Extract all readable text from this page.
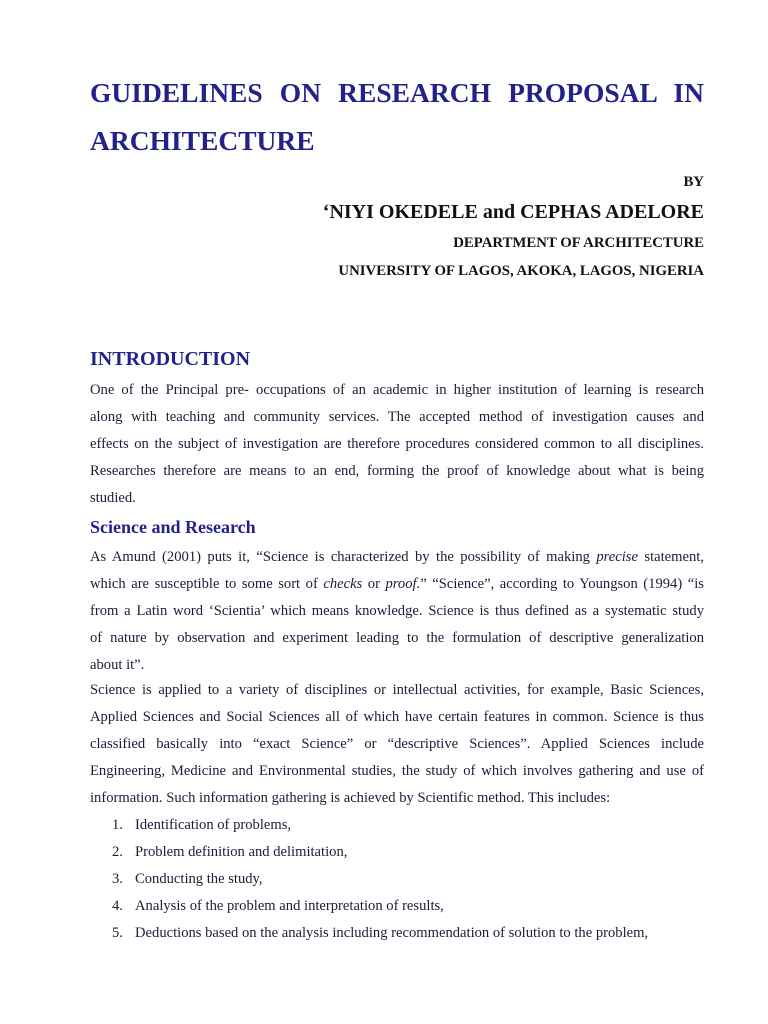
GUIDELINES ON RESEARCH PROPOSAL IN ARCHITECTURE
BY
‘NIYI OKEDELE and CEPHAS ADELORE
DEPARTMENT OF ARCHITECTURE
UNIVERSITY OF LAGOS, AKOKA, LAGOS, NIGERIA
INTRODUCTION
One of the Principal pre- occupations of an academic in higher institution of learning is research
along with teaching and community services. The accepted method of investigation causes and
effects on the subject of investigation are therefore procedures considered common to all disciplines.
Researches therefore are means to an end, forming the proof of knowledge about what is being
studied.
Science and Research
As Amund (2001) puts it, “Science is characterized by the possibility of making precise statement,
which are susceptible to some sort of checks or proof.” “Science”, according to Youngson (1994) “is
from a Latin word ‘Scientia’ which means knowledge. Science is thus defined as a systematic study
of nature by observation and experiment leading to the formulation of descriptive generalization
about it”.
Science is applied to a variety of disciplines or intellectual activities, for example, Basic Sciences,
Applied Sciences and Social Sciences all of which have certain features in common. Science is thus
classified basically into “exact Science” or “descriptive Sciences”. Applied Sciences include
Engineering, Medicine and Environmental studies, the study of which involves gathering and use of
information. Such information gathering is achieved by Scientific method. This includes:
1. Identification of problems,
2. Problem definition and delimitation,
3. Conducting the study,
4. Analysis of the problem and interpretation of results,
5. Deductions based on the analysis including recommendation of solution to the problem,
